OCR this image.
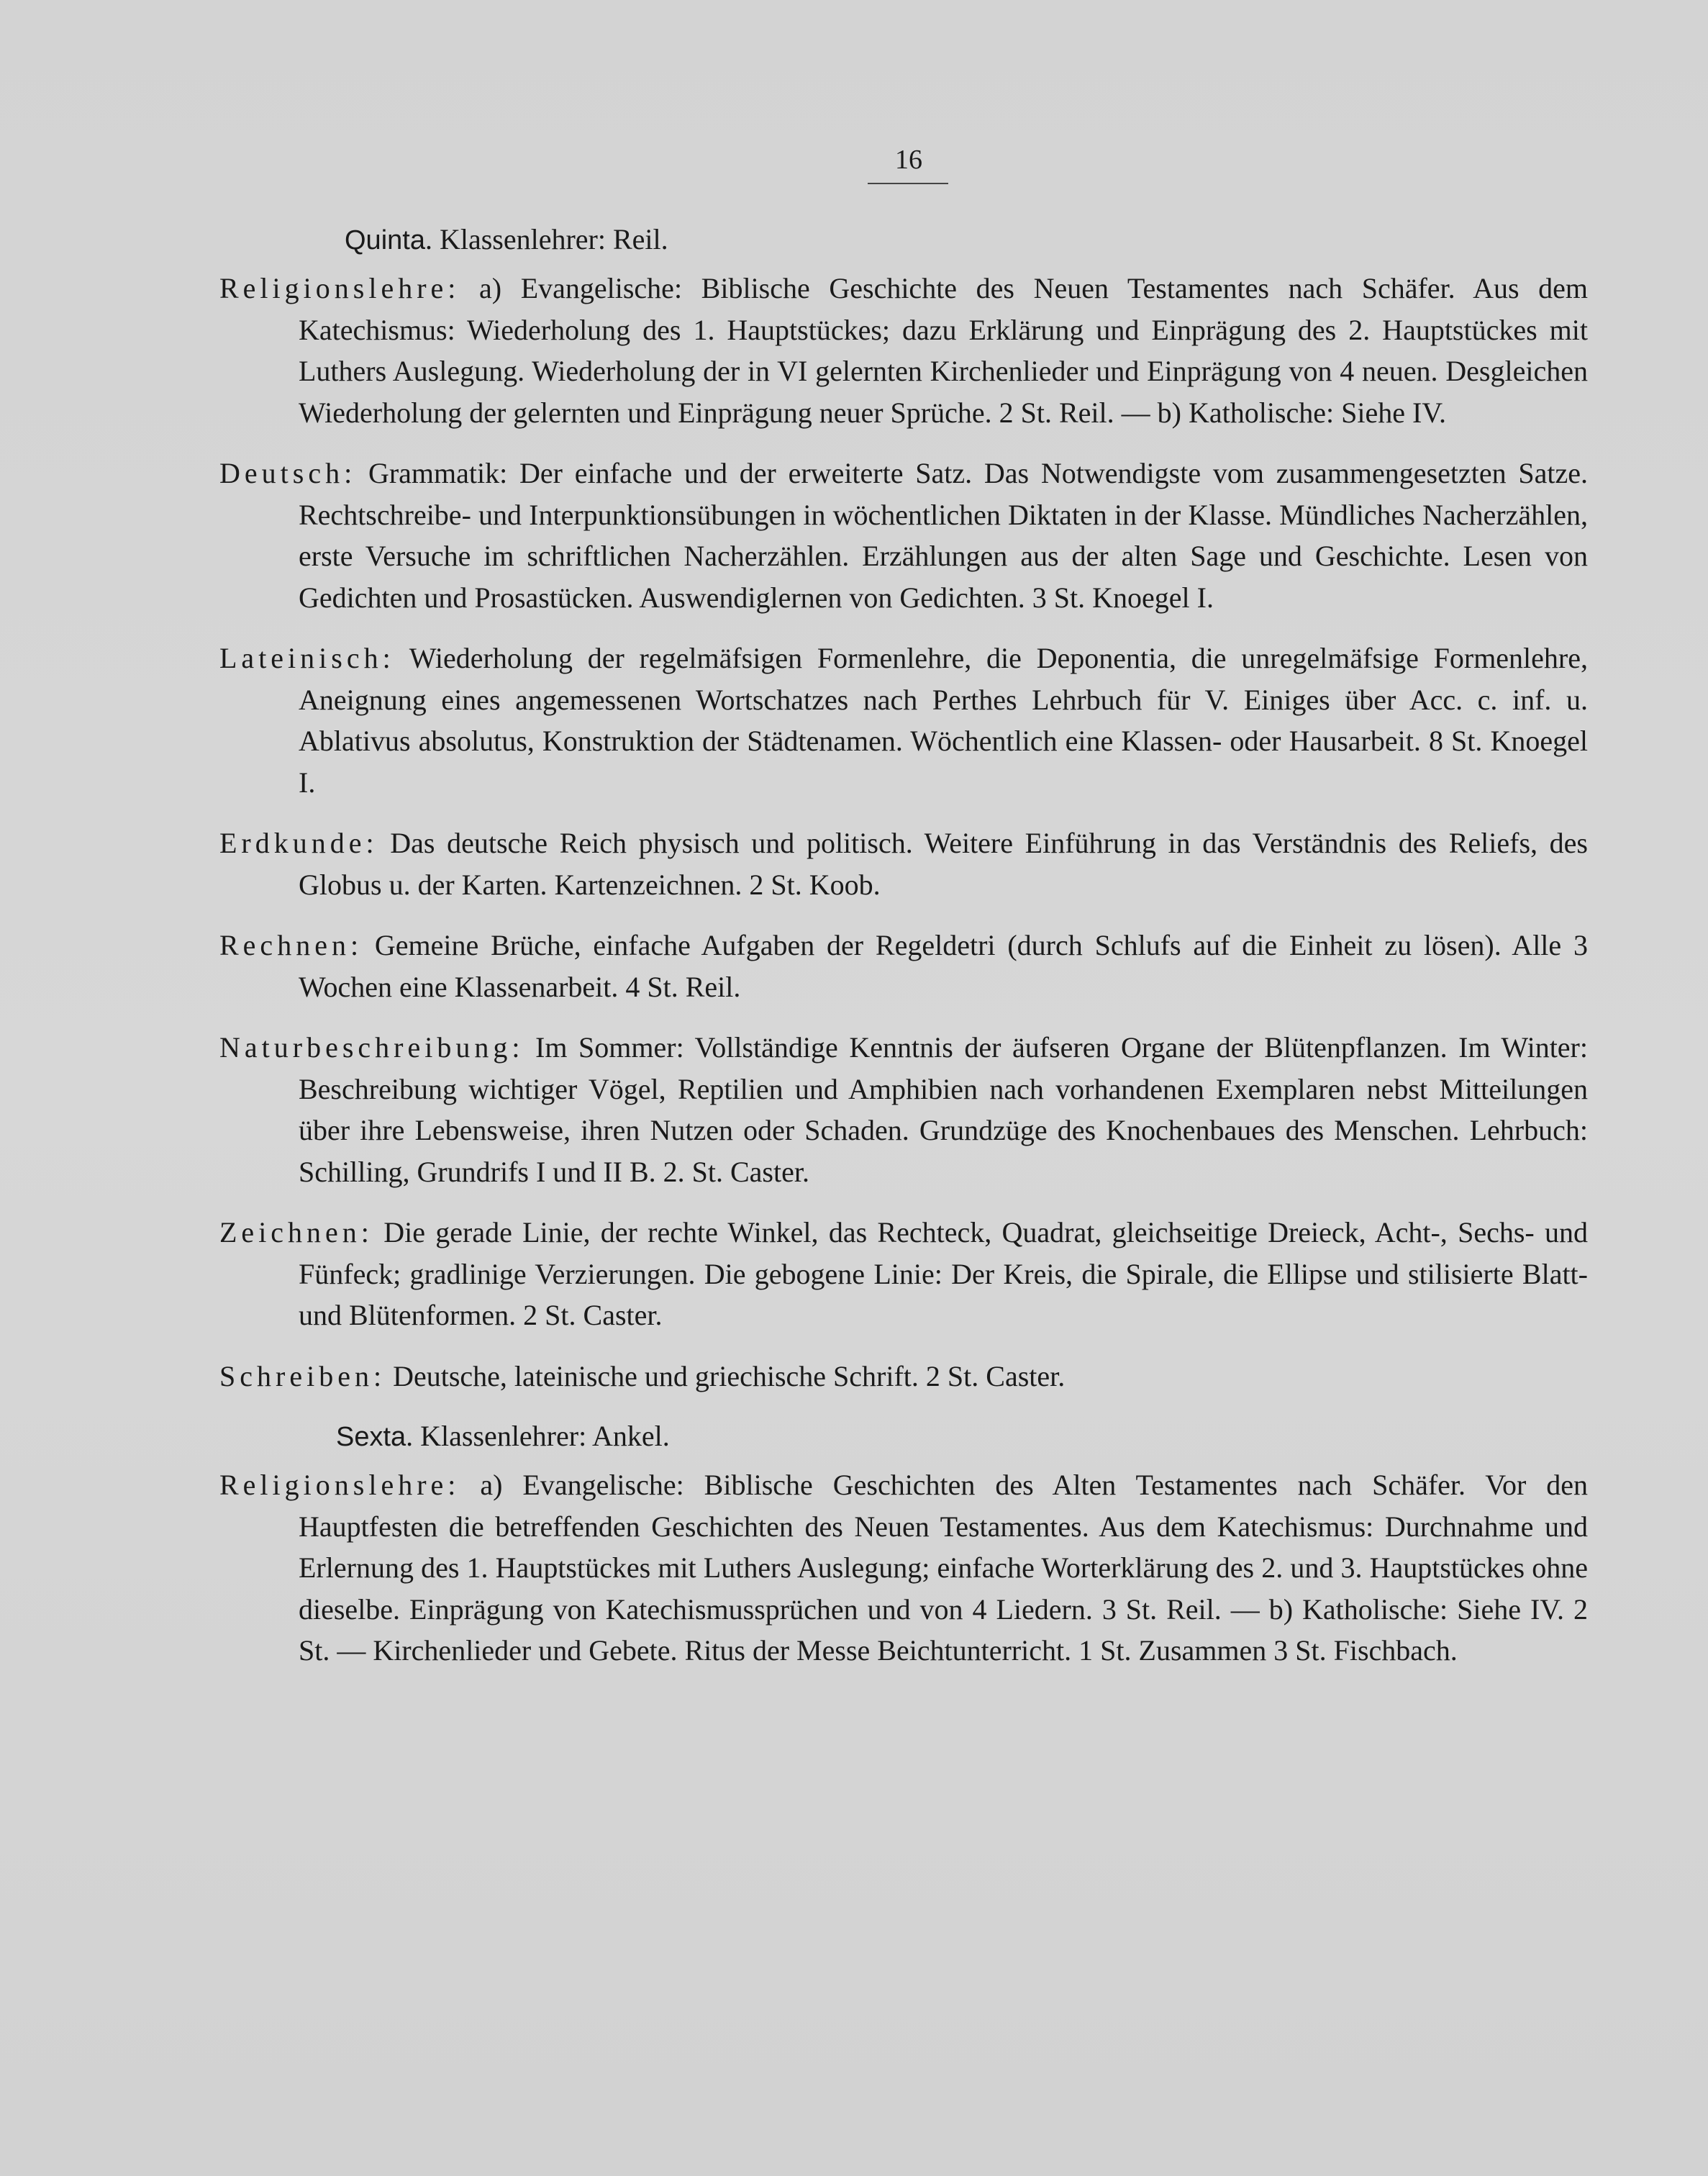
16

Quinta. Klassenlehrer: Reil.

Religionslehre: a) Evangelische: Biblische Geschichte des Neuen Testamentes nach Schäfer. Aus dem Katechismus: Wiederholung des 1. Hauptstückes; dazu Erklärung und Einprägung des 2. Hauptstückes mit Luthers Auslegung. Wiederholung der in VI gelernten Kirchenlieder und Einprägung von 4 neuen. Desgleichen Wiederholung der gelernten und Einprägung neuer Sprüche. 2 St. Reil. — b) Katholische: Siehe IV.

Deutsch: Grammatik: Der einfache und der erweiterte Satz. Das Notwendigste vom zusammengesetzten Satze. Rechtschreibe- und Interpunktionsübungen in wöchentlichen Diktaten in der Klasse. Mündliches Nacherzählen, erste Versuche im schriftlichen Nacherzählen. Erzählungen aus der alten Sage und Geschichte. Lesen von Gedichten und Prosastücken. Auswendiglernen von Gedichten. 3 St. Knoegel I.

Lateinisch: Wiederholung der regelmäfsigen Formenlehre, die Deponentia, die unregelmäfsige Formenlehre, Aneignung eines angemessenen Wortschatzes nach Perthes Lehrbuch für V. Einiges über Acc. c. inf. u. Ablativus absolutus, Konstruktion der Städtenamen. Wöchentlich eine Klassen- oder Hausarbeit. 8 St. Knoegel I.

Erdkunde: Das deutsche Reich physisch und politisch. Weitere Einführung in das Verständnis des Reliefs, des Globus u. der Karten. Kartenzeichnen. 2 St. Koob.

Rechnen: Gemeine Brüche, einfache Aufgaben der Regeldetri (durch Schlufs auf die Einheit zu lösen). Alle 3 Wochen eine Klassenarbeit. 4 St. Reil.

Naturbeschreibung: Im Sommer: Vollständige Kenntnis der äufseren Organe der Blütenpflanzen. Im Winter: Beschreibung wichtiger Vögel, Reptilien und Amphibien nach vorhandenen Exemplaren nebst Mitteilungen über ihre Lebensweise, ihren Nutzen oder Schaden. Grundzüge des Knochenbaues des Menschen. Lehrbuch: Schilling, Grundrifs I und II B. 2. St. Caster.

Zeichnen: Die gerade Linie, der rechte Winkel, das Rechteck, Quadrat, gleichseitige Dreieck, Acht-, Sechs- und Fünfeck; gradlinige Verzierungen. Die gebogene Linie: Der Kreis, die Spirale, die Ellipse und stilisierte Blatt- und Blütenformen. 2 St. Caster.

Schreiben: Deutsche, lateinische und griechische Schrift. 2 St. Caster.

Sexta. Klassenlehrer: Ankel.

Religionslehre: a) Evangelische: Biblische Geschichten des Alten Testamentes nach Schäfer. Vor den Hauptfesten die betreffenden Geschichten des Neuen Testamentes. Aus dem Katechismus: Durchnahme und Erlernung des 1. Hauptstückes mit Luthers Auslegung; einfache Worterklärung des 2. und 3. Hauptstückes ohne dieselbe. Einprägung von Katechismussprüchen und von 4 Liedern. 3 St. Reil. — b) Katholische: Siehe IV. 2 St. — Kirchenlieder und Gebete. Ritus der Messe Beichtunterricht. 1 St. Zusammen 3 St. Fischbach.
